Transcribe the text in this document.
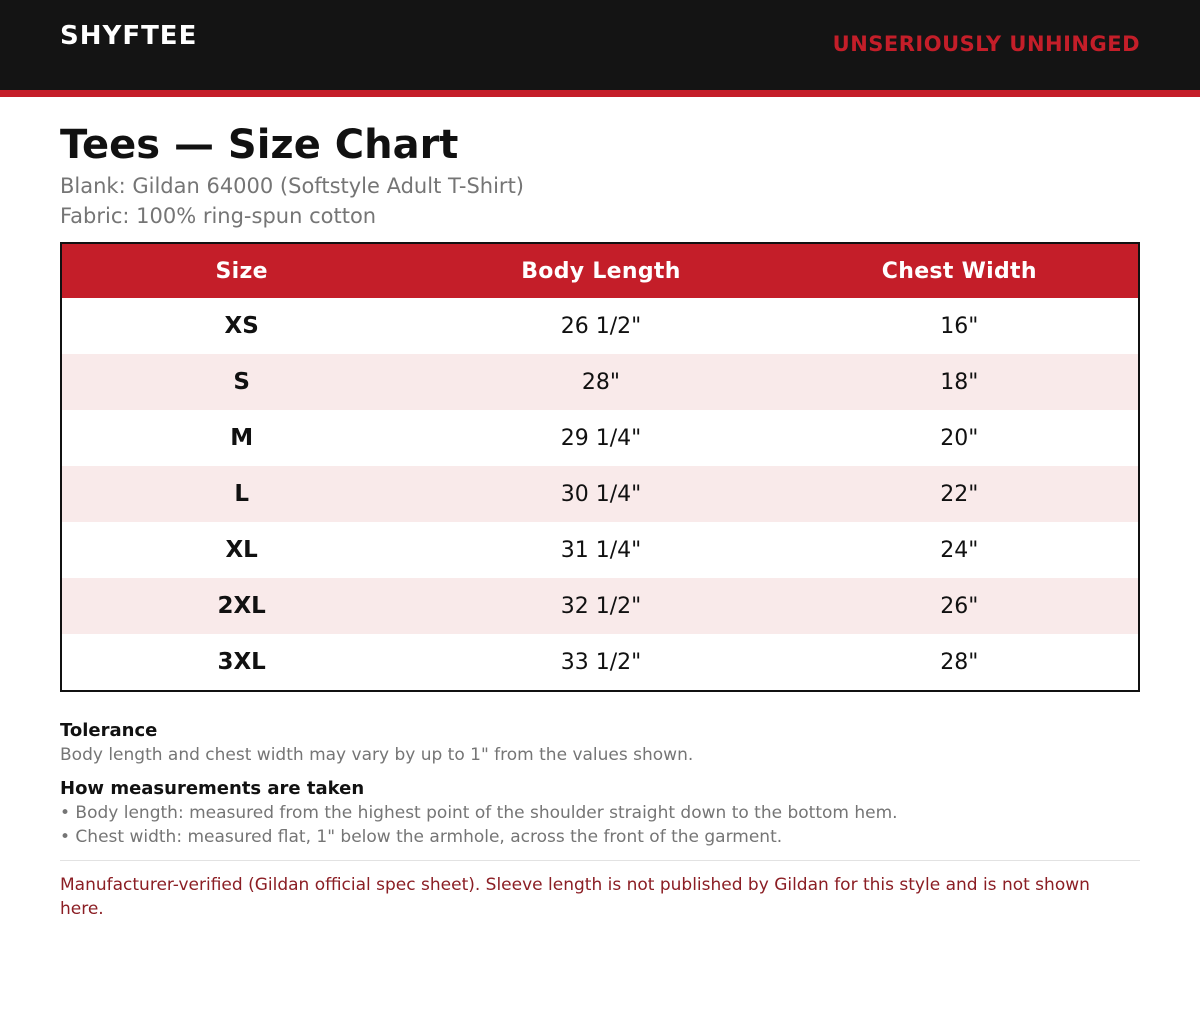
SHYFTEE	UNSERIOUSLY UNHINGED
Tees — Size Chart
Blank: Gildan 64000 (Softstyle Adult T-Shirt)
Fabric: 100% ring-spun cotton
Size	Body Length	Chest Width
XS	26 1/2"	16"
S	28"	18"
M	29 1/4"	20"
L	30 1/4"	22"
XL	31 1/4"	24"
2XL	32 1/2"	26"
3XL	33 1/2"	28"
Tolerance
Body length and chest width may vary by up to 1" from the values shown.
How measurements are taken
• Body length: measured from the highest point of the shoulder straight down to the bottom hem.
• Chest width: measured flat, 1" below the armhole, across the front of the garment.
Manufacturer-verified (Gildan official spec sheet). Sleeve length is not published by Gildan for this style and is not shown here.
